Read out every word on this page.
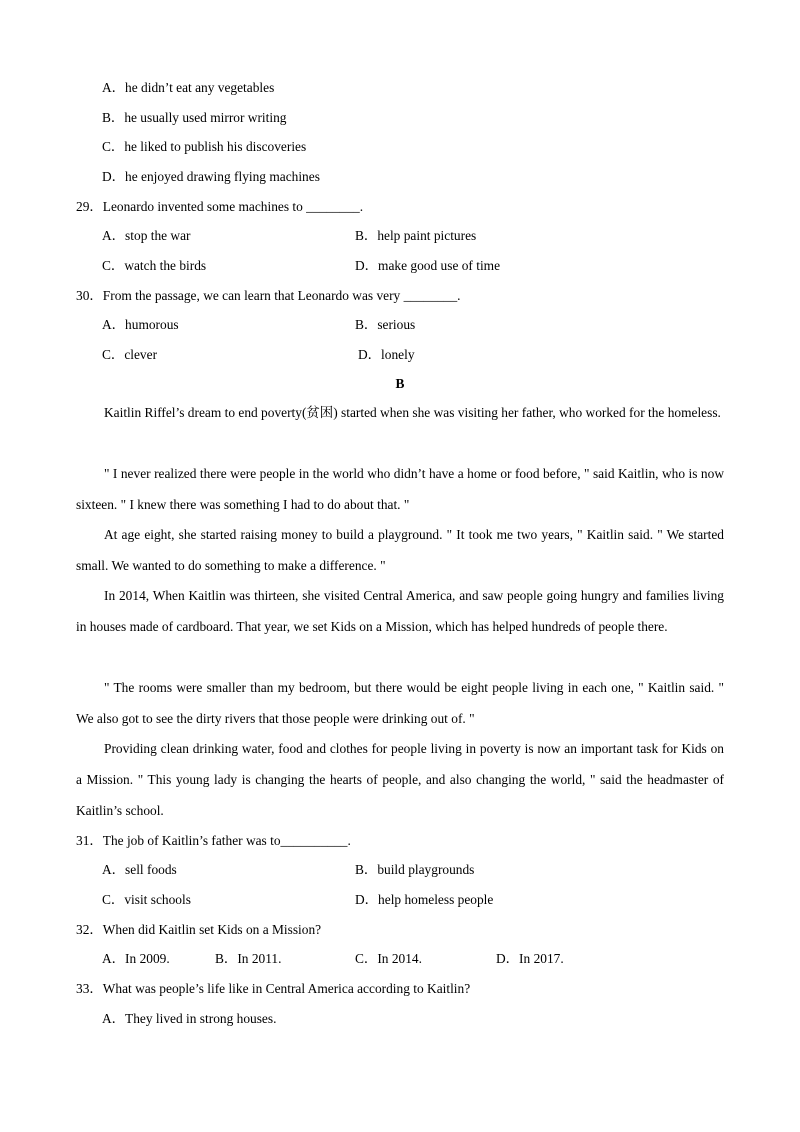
A．he didn’t eat any vegetables
B．he usually used mirror writing
C．he liked to publish his discoveries
D．he enjoyed drawing flying machines
29．Leonardo invented some machines to ________.
A．stop the war	B．help paint pictures
C．watch the birds	D．make good use of time
30．From the passage, we can learn that Leonardo was very ________.
A．humorous	B．serious
C．clever	D．lonely
B
Kaitlin Riffel’s dream to end poverty(贫困) started when she was visiting her father, who worked for the homeless.
" I never realized there were people in the world who didn’t have a home or food before, " said Kaitlin, who is now sixteen. " I knew there was something I had to do about that. "
At age eight, she started raising money to build a playground. " It took me two years, " Kaitlin said. " We started small. We wanted to do something to make a difference. "
In 2014, When Kaitlin was thirteen, she visited Central America, and saw people going hungry and families living in houses made of cardboard. That year, we set Kids on a Mission, which has helped hundreds of people there.
" The rooms were smaller than my bedroom, but there would be eight people living in each one, " Kaitlin said. " We also got to see the dirty rivers that those people were drinking out of. "
Providing clean drinking water, food and clothes for people living in poverty is now an important task for Kids on a Mission. " This young lady is changing the hearts of people, and also changing the world, " said the headmaster of Kaitlin’s school.
31．The job of Kaitlin’s father was to__________.
A．sell foods	B．build playgrounds
C．visit schools	D．help homeless people
32．When did Kaitlin set Kids on a Mission?
A．In 2009.	B．In 2011.	C．In 2014.	D．In 2017.
33．What was people’s life like in Central America according to Kaitlin?
A．They lived in strong houses.
